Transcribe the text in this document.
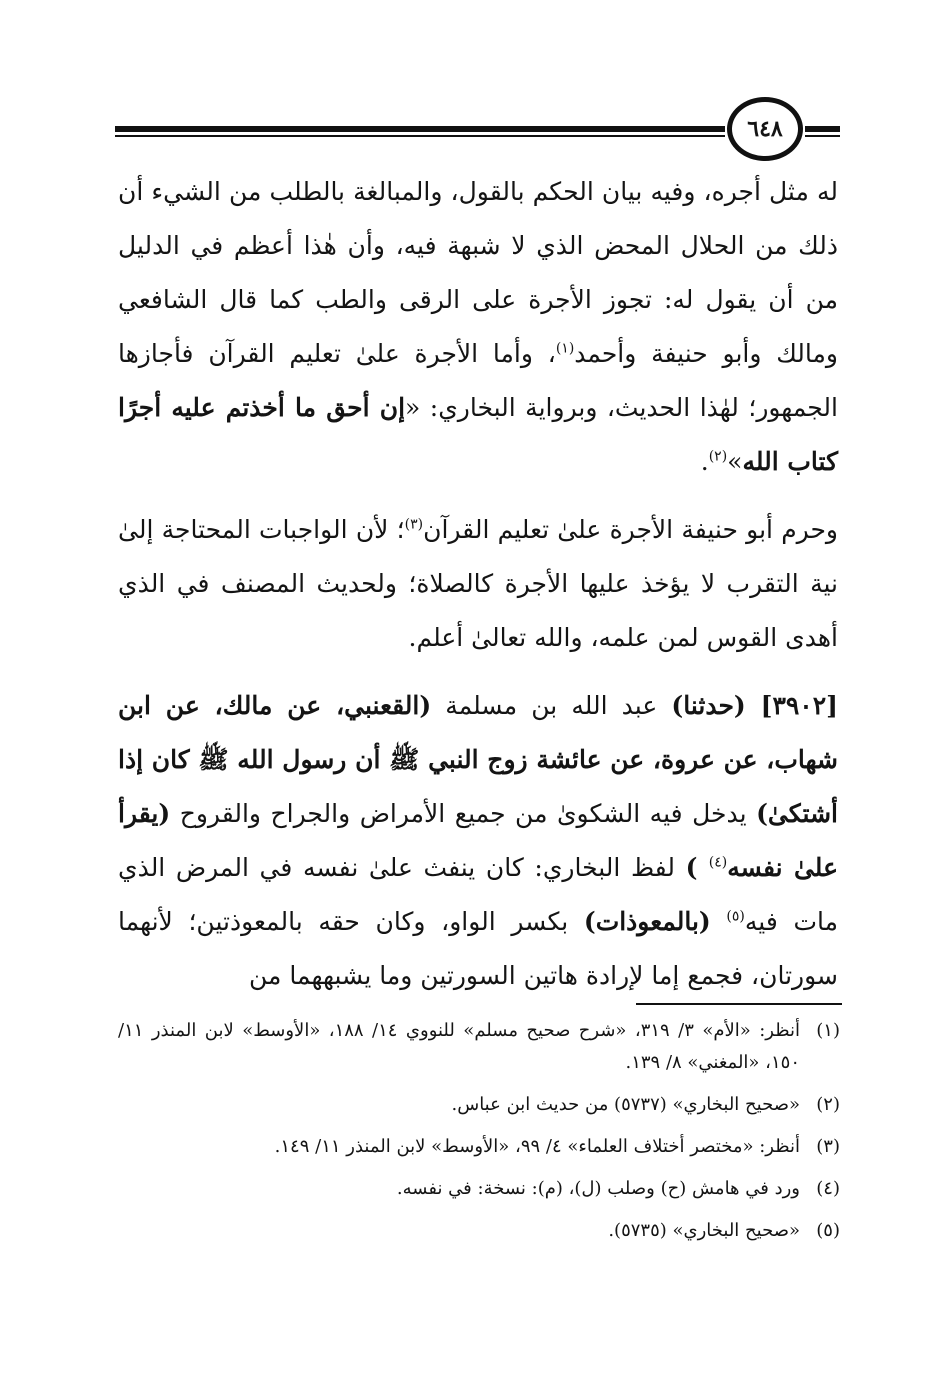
٦٤٨

له مثل أجره، وفيه بيان الحكم بالقول، والمبالغة بالطلب من الشيء أن ذلك من الحلال المحض الذي لا شبهة فيه، وأن هٰذا أعظم في الدليل من أن يقول له: تجوز الأجرة على الرقى والطب كما قال الشافعي ومالك وأبو حنيفة وأحمد$^{(١)}$، وأما الأجرة علىٰ تعليم القرآن فأجازها الجمهور؛ لهٰذا الحديث، وبرواية البخاري: «إن أحق ما أخذتم عليه أجرًا كتاب الله»$^{(٢)}$.

وحرم أبو حنيفة الأجرة علىٰ تعليم القرآن$^{(٣)}$؛ لأن الواجبات المحتاجة إلىٰ نية التقرب لا يؤخذ عليها الأجرة كالصلاة؛ ولحديث المصنف في الذي أهدى القوس لمن علمه، والله تعالىٰ أعلم.

[٣٩٠٢] (حدثنا) عبد الله بن مسلمة (القعنبي، عن مالك، عن ابن شهاب، عن عروة، عن عائشة زوج النبي ﷺ أن رسول الله ﷺ كان إذا أشتكىٰ) يدخل فيه الشكوىٰ من جميع الأمراض والجراح والقروح (يقرأ علىٰ نفسه$^{(٤)}$ ) لفظ البخاري: كان ينفث علىٰ نفسه في المرض الذي مات فيه$^{(٥)}$ (بالمعوذات) بكسر الواو، وكان حقه بالمعوذتين؛ لأنهما سورتان، فجمع إما لإرادة هاتين السورتين وما يشبههما من

(١)
أنظر: «الأم» ٣/ ٣١٩، «شرح صحيح مسلم» للنووي ١٤/ ١٨٨، «الأوسط» لابن المنذر ١١/ ١٥٠، «المغني» ٨/ ١٣٩.
(٢)
«صحيح البخاري» (٥٧٣٧) من حديث ابن عباس.
(٣)
أنظر: «مختصر أختلاف العلماء» ٤/ ٩٩، «الأوسط» لابن المنذر ١١/ ١٤٩.
(٤)
ورد في هامش (ح) وصلب (ل)، (م): نسخة: في نفسه.
(٥)
«صحيح البخاري» (٥٧٣٥).
